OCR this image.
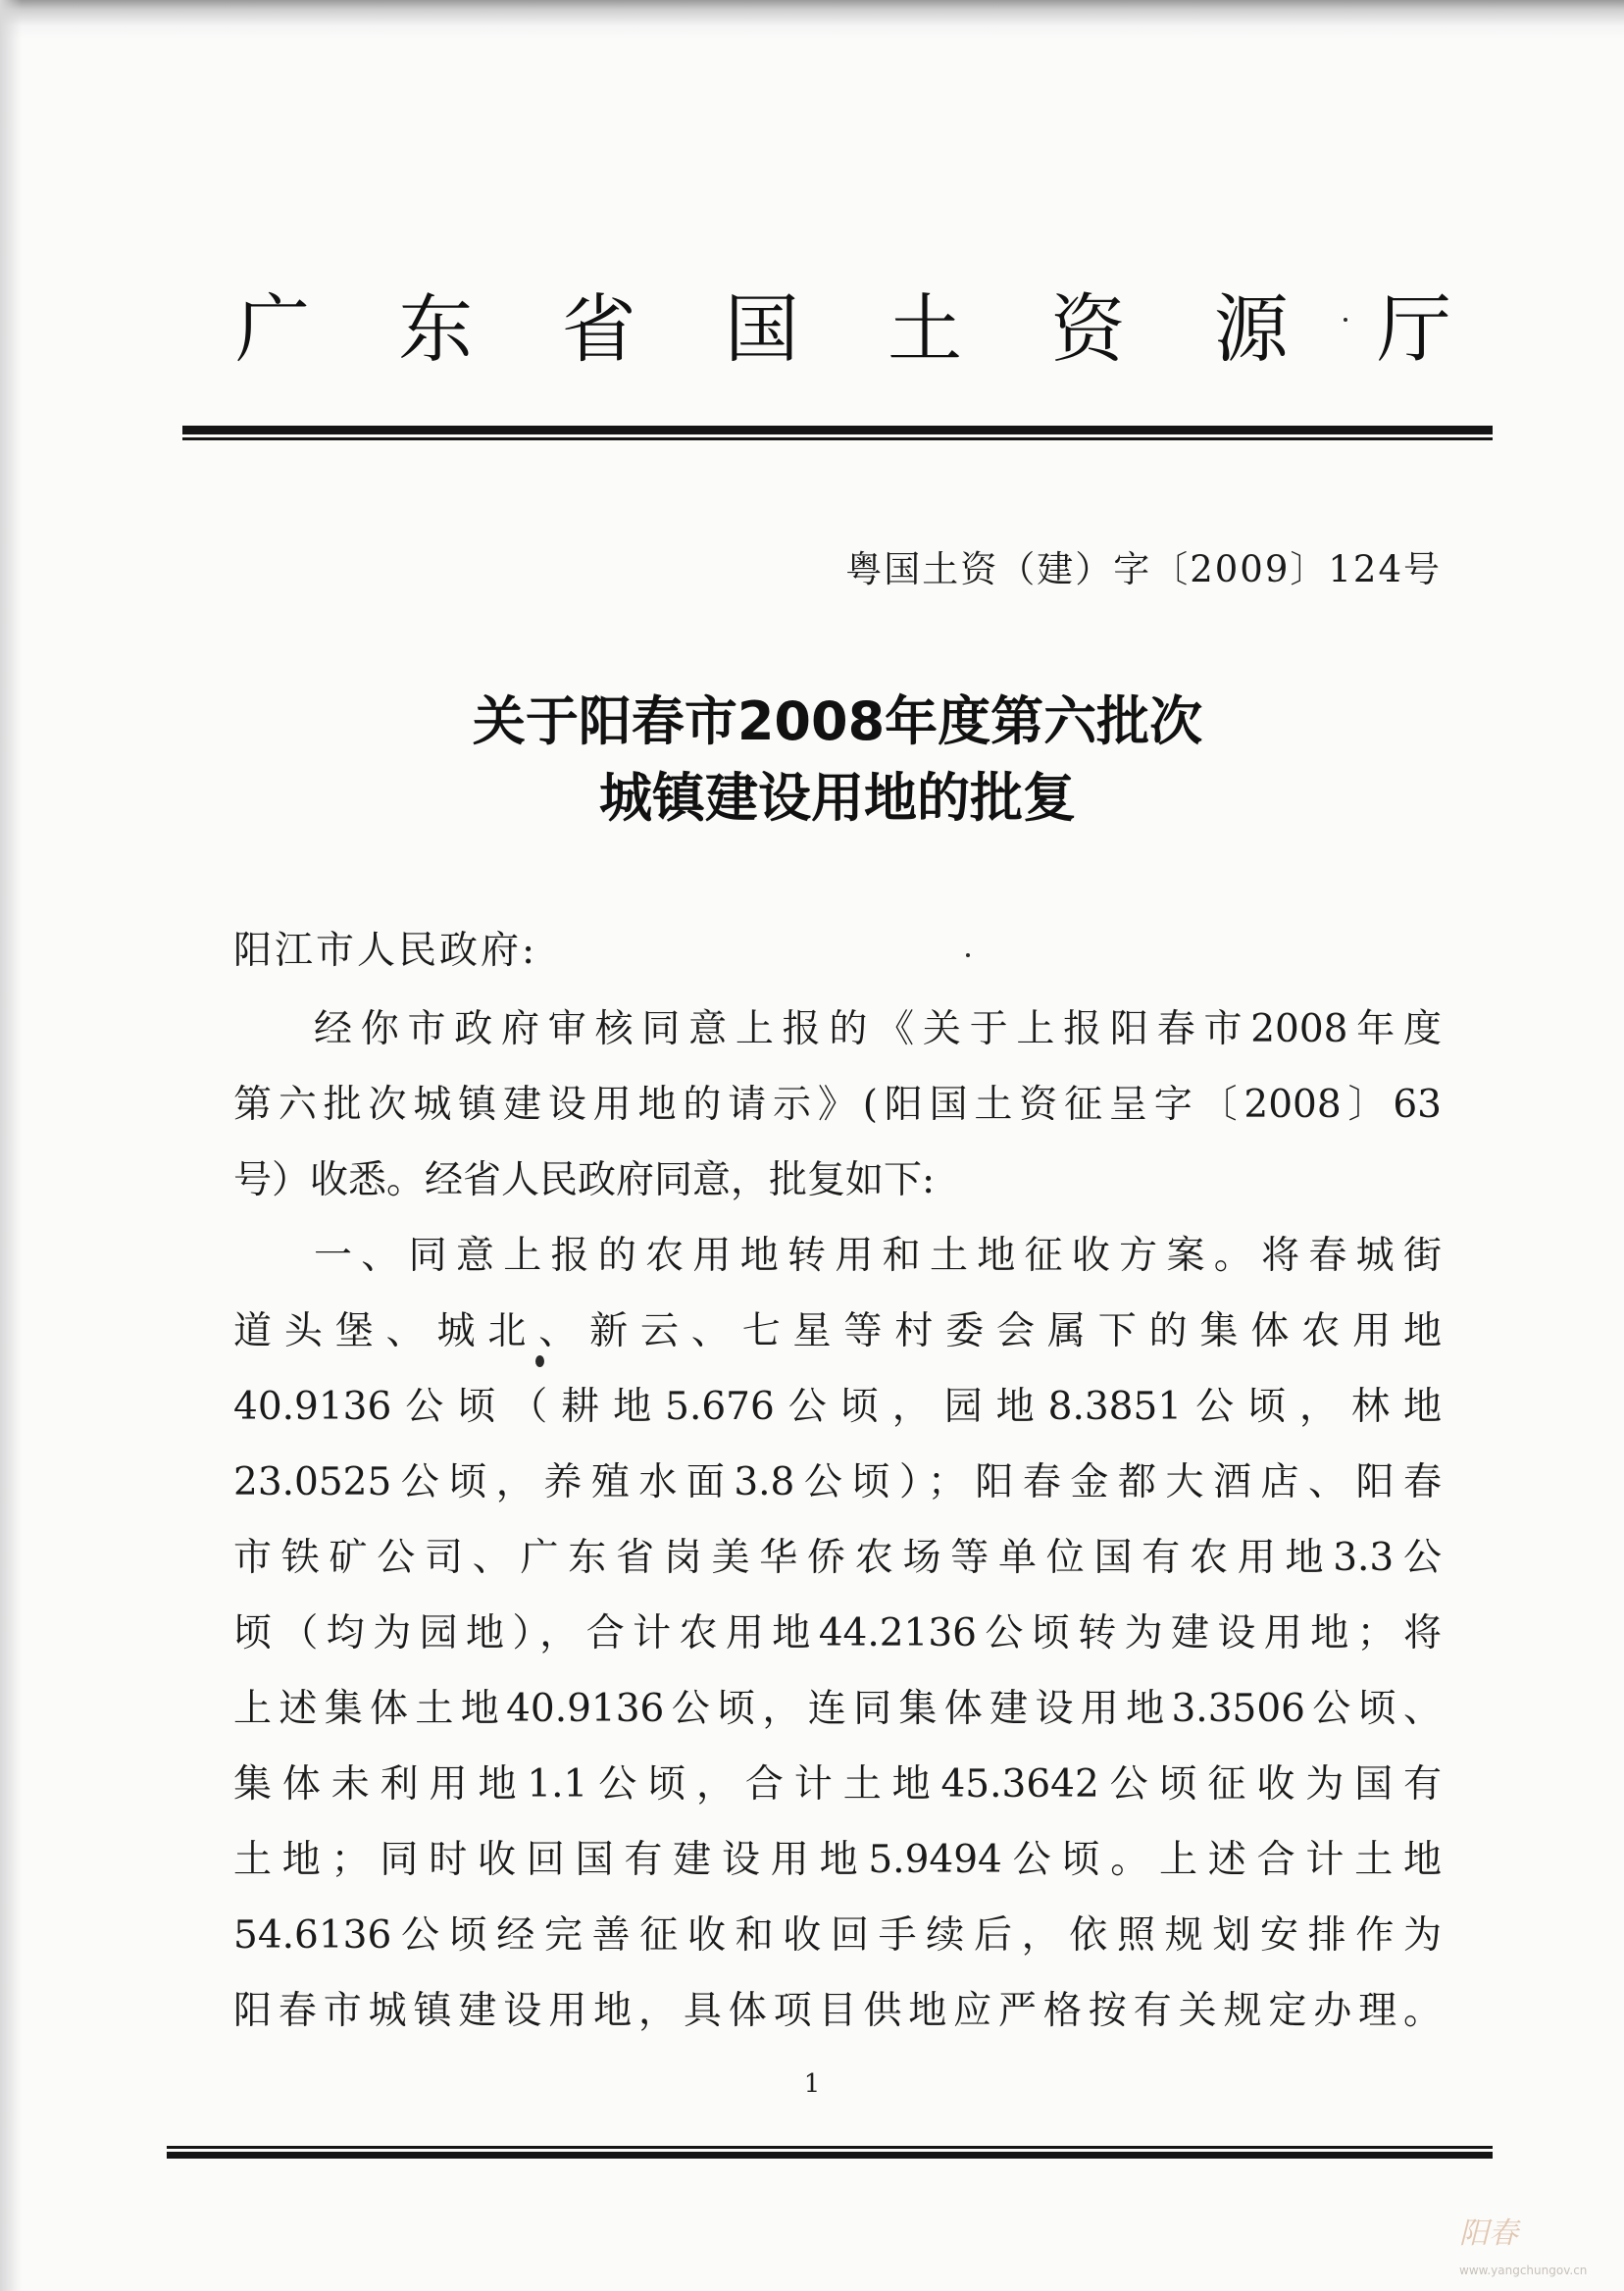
广 东 省 国 土 资 源 厅
粤国土资（建）字〔2009〕124号
关于阳春市2008年度第六批次
城镇建设用地的批复
阳江市人民政府:
经你市政府审核同意上报的《关于上报阳春市2008年度
第六批次城镇建设用地的请示》(阳国土资征呈字〔2008〕63
号）收悉。经省人民政府同意，批复如下:
一、同意上报的农用地转用和土地征收方案。将春城街
道头堡、城北、新云、七星等村委会属下的集体农用地
40.9136公顷（耕地5.676公顷，园地8.3851公顷，林地
23.0525公顷，养殖水面3.8公顷）；阳春金都大酒店、阳春
市铁矿公司、广东省岗美华侨农场等单位国有农用地3.3公
顷（均为园地），合计农用地44.2136公顷转为建设用地；将
上述集体土地40.9136公顷，连同集体建设用地3.3506公顷、
集体未利用地1.1公顷，合计土地45.3642公顷征收为国有
土地；同时收回国有建设用地5.9494公顷。上述合计土地
54.6136公顷经完善征收和收回手续后，依照规划安排作为
阳春市城镇建设用地，具体项目供地应严格按有关规定办理。
1
阳春
www.yangchungov.cn
